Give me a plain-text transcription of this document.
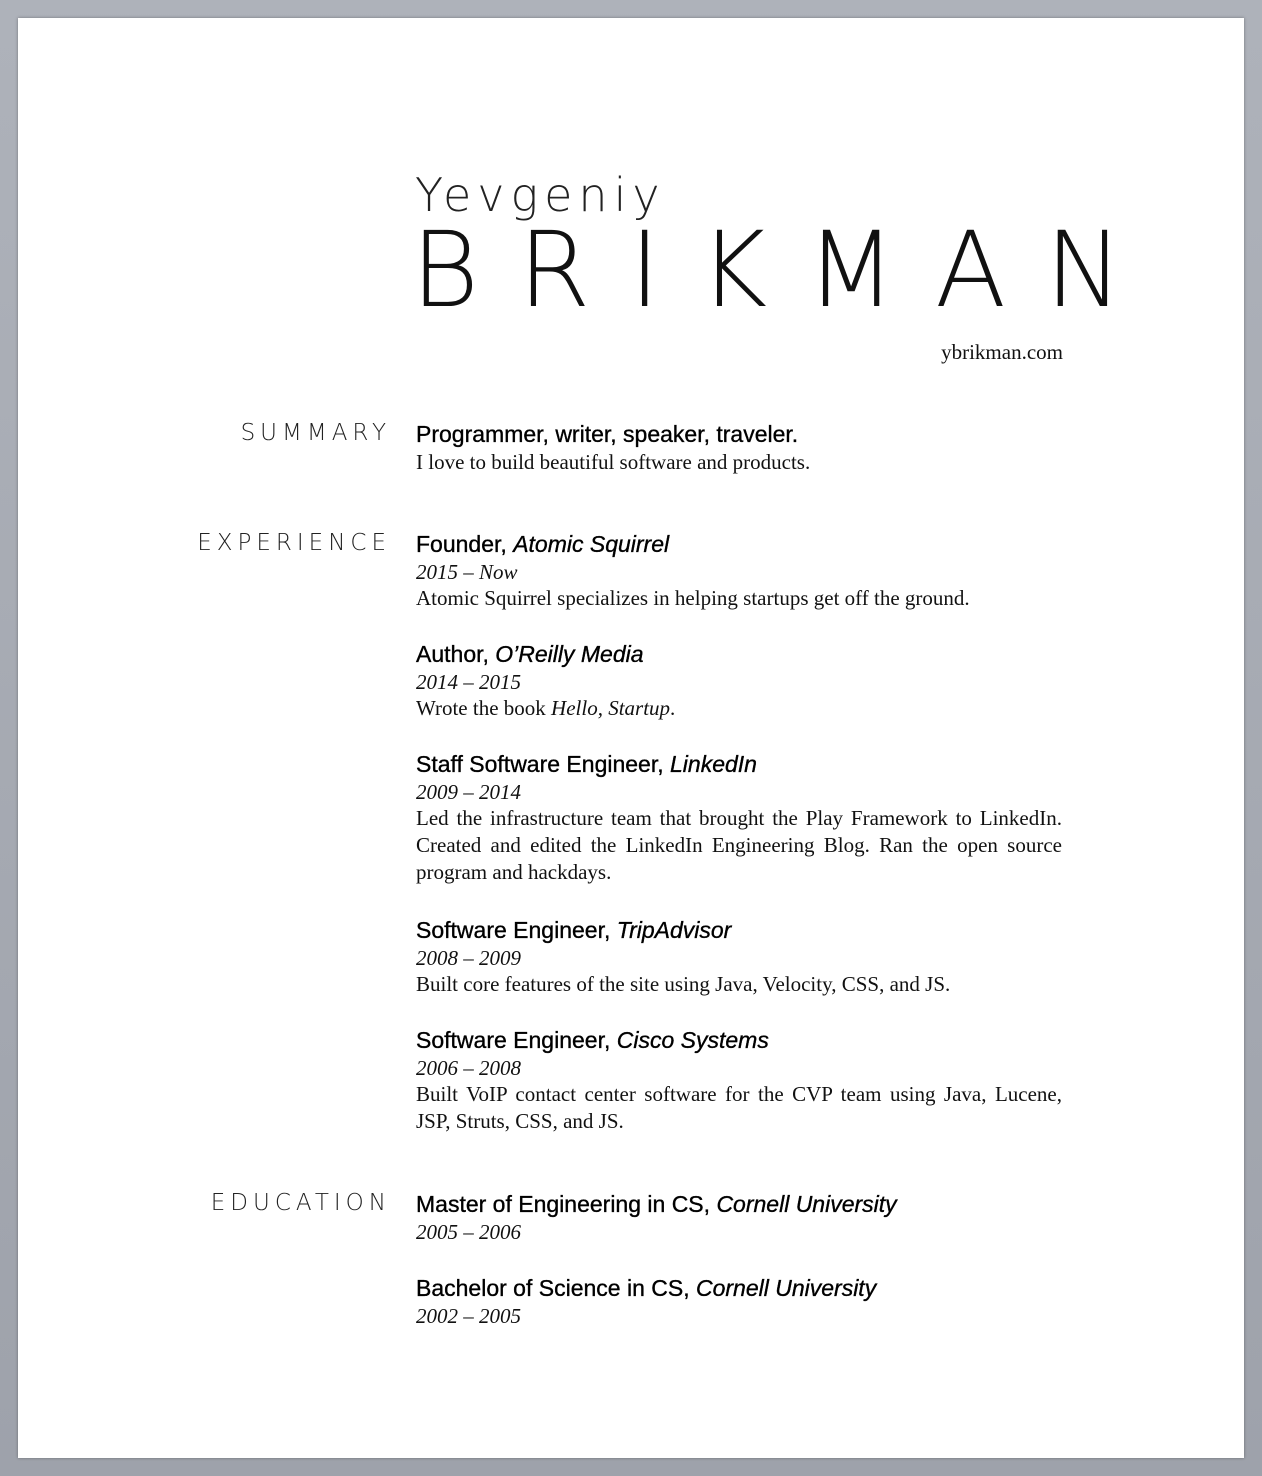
Yevgeniy
BRIKMAN
ybrikman.com
SUMMARY Programmer, writer, speaker, traveler.
I love to build beautiful software and products.
EXPERIENCE Founder, Atomic Squirrel
2015 – Now
Atomic Squirrel specializes in helping startups get off the ground.
Author, O’Reilly Media
2014 – 2015
Wrote the book Hello, Startup.
Staff Software Engineer, LinkedIn
2009 – 2014
Led the infrastructure team that brought the Play Framework to LinkedIn. Created and edited the LinkedIn Engineering Blog. Ran the open source program and hackdays.
Software Engineer, TripAdvisor
2008 – 2009
Built core features of the site using Java, Velocity, CSS, and JS.
Software Engineer, Cisco Systems
2006 – 2008
Built VoIP contact center software for the CVP team using Java, Lucene, JSP, Struts, CSS, and JS.
EDUCATION Master of Engineering in CS, Cornell University
2005 – 2006
Bachelor of Science in CS, Cornell University
2002 – 2005
